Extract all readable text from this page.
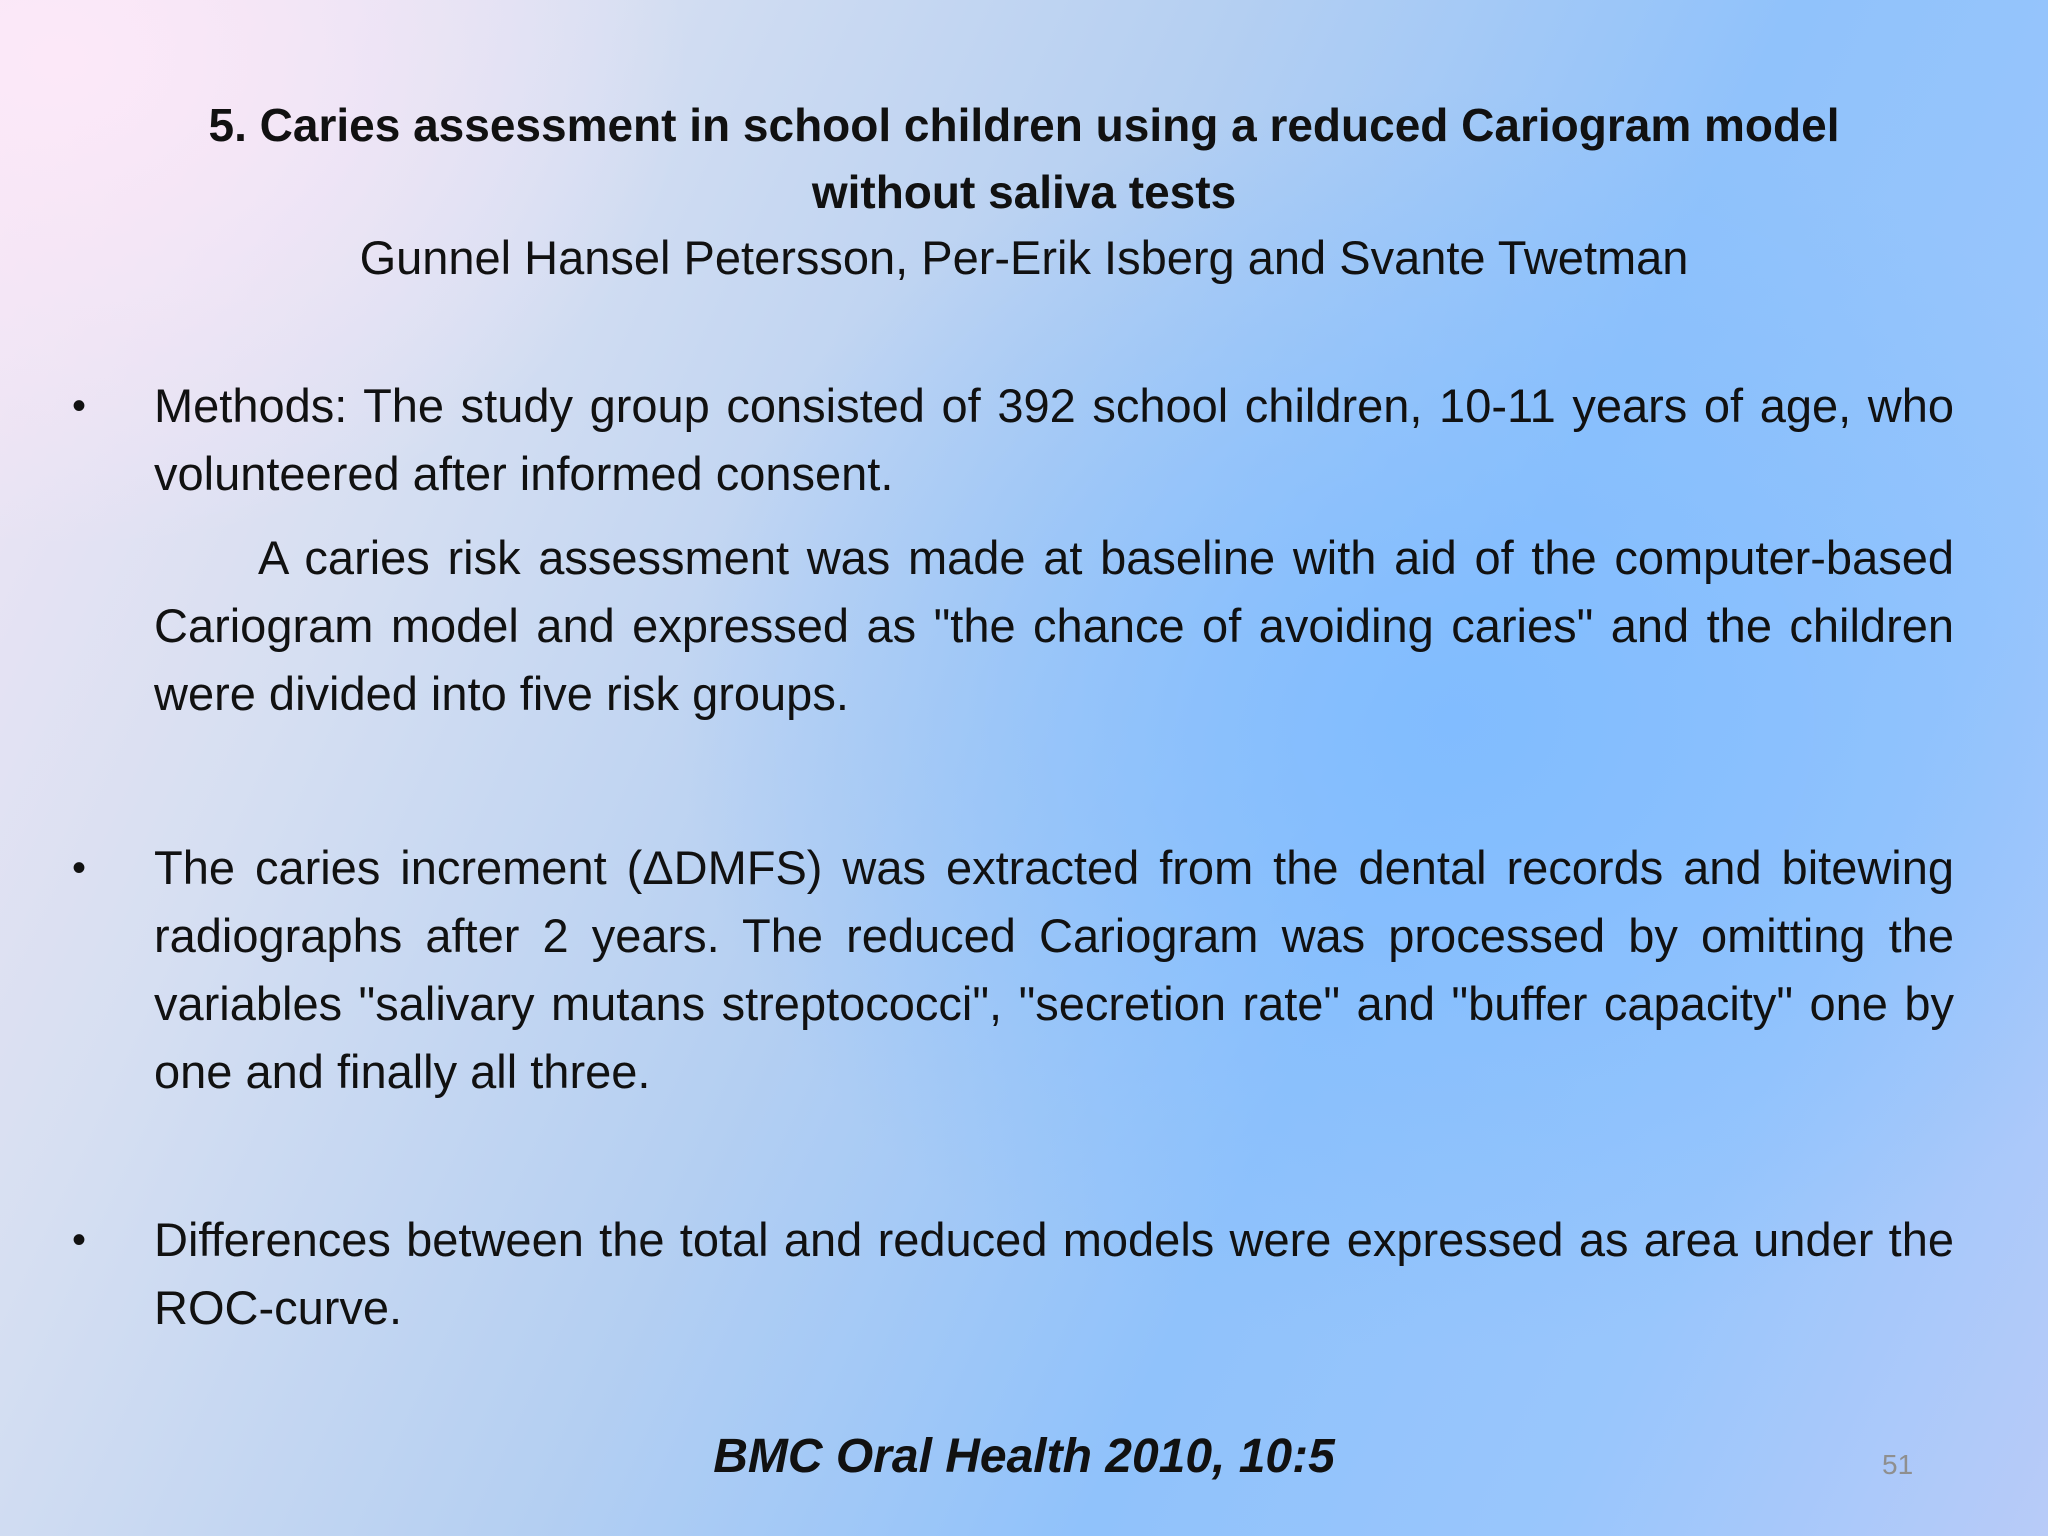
5. Caries assessment in school children using a reduced Cariogram model
without saliva tests

Gunnel Hansel Petersson, Per-Erik Isberg and Svante Twetman

• Methods: The study group consisted of 392 school children, 10-11 years of age, who volunteered after informed consent.

A caries risk assessment was made at baseline with aid of the computer-based Cariogram model and expressed as "the chance of avoiding caries" and the children were divided into five risk groups.

• The caries increment (ΔDMFS) was extracted from the dental records and bitewing radiographs after 2 years. The reduced Cariogram was processed by omitting the variables "salivary mutans streptococci", "secretion rate" and "buffer capacity" one by one and finally all three.

• Differences between the total and reduced models were expressed as area under the ROC-curve.

BMC Oral Health 2010, 10:5	51
